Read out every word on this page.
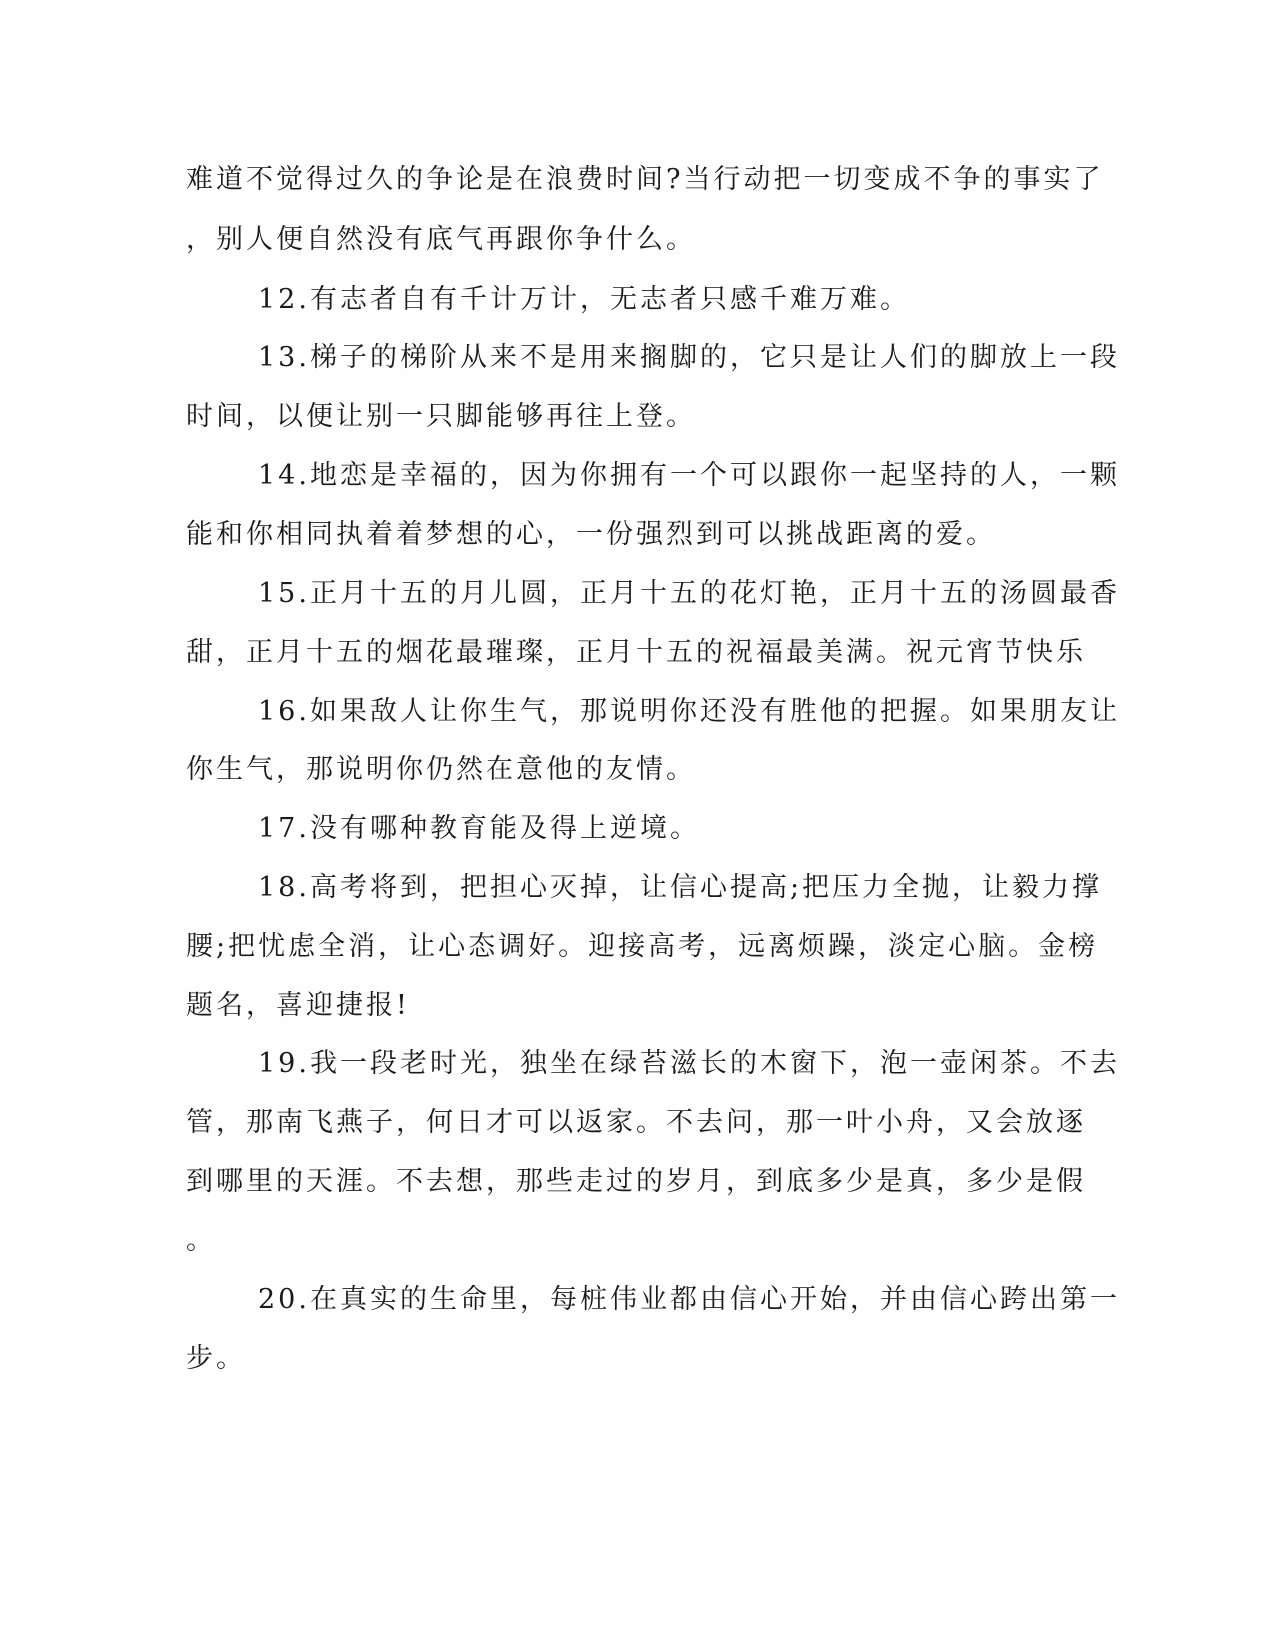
难道不觉得过久的争论是在浪费时间?当行动把一切变成不争的事实了
，别人便自然没有底气再跟你争什么。
12.有志者自有千计万计，无志者只感千难万难。
13.梯子的梯阶从来不是用来搁脚的，它只是让人们的脚放上一段
时间，以便让别一只脚能够再往上登。
14.地恋是幸福的，因为你拥有一个可以跟你一起坚持的人，一颗
能和你相同执着着梦想的心，一份强烈到可以挑战距离的爱。
15.正月十五的月儿圆，正月十五的花灯艳，正月十五的汤圆最香
甜，正月十五的烟花最璀璨，正月十五的祝福最美满。祝元宵节快乐
16.如果敌人让你生气，那说明你还没有胜他的把握。如果朋友让
你生气，那说明你仍然在意他的友情。
17.没有哪种教育能及得上逆境。
18.高考将到，把担心灭掉，让信心提高;把压力全抛，让毅力撑
腰;把忧虑全消，让心态调好。迎接高考，远离烦躁，淡定心脑。金榜
题名，喜迎捷报!
19.我一段老时光，独坐在绿苔滋长的木窗下，泡一壶闲茶。不去
管，那南飞燕子，何日才可以返家。不去问，那一叶小舟，又会放逐
到哪里的天涯。不去想，那些走过的岁月，到底多少是真，多少是假
。
20.在真实的生命里，每桩伟业都由信心开始，并由信心跨出第一
步。
